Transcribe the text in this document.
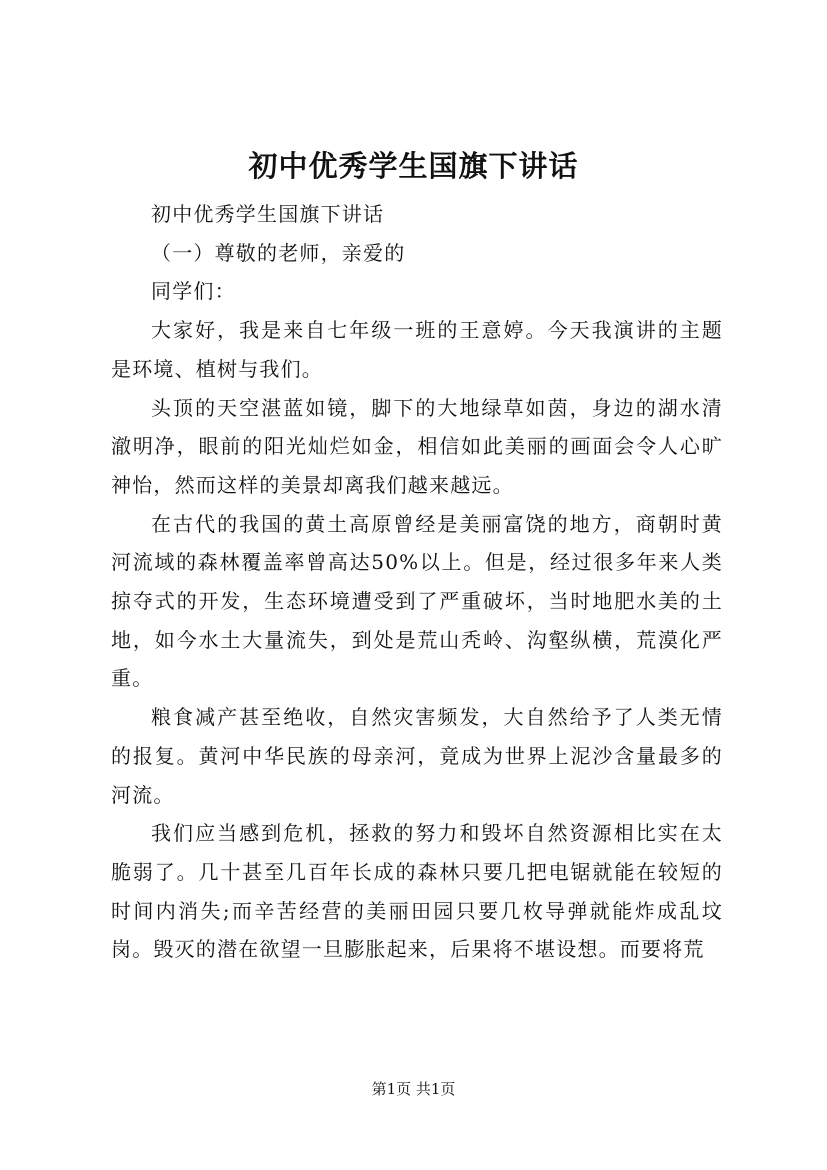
初中优秀学生国旗下讲话

初中优秀学生国旗下讲话

（一）尊敬的老师，亲爱的

同学们：

大家好，我是来自七年级一班的王意婷。今天我演讲的主题是环境、植树与我们。

头顶的天空湛蓝如镜，脚下的大地绿草如茵，身边的湖水清澈明净，眼前的阳光灿烂如金，相信如此美丽的画面会令人心旷神怡，然而这样的美景却离我们越来越远。

在古代的我国的黄土高原曾经是美丽富饶的地方，商朝时黄河流域的森林覆盖率曾高达50%以上。但是，经过很多年来人类掠夺式的开发，生态环境遭受到了严重破坏，当时地肥水美的土地，如今水土大量流失，到处是荒山秃岭、沟壑纵横，荒漠化严重。

粮食减产甚至绝收，自然灾害频发，大自然给予了人类无情的报复。黄河中华民族的母亲河，竟成为世界上泥沙含量最多的河流。

我们应当感到危机，拯救的努力和毁坏自然资源相比实在太脆弱了。几十甚至几百年长成的森林只要几把电锯就能在较短的时间内消失;而辛苦经营的美丽田园只要几枚导弹就能炸成乱坟岗。毁灭的潜在欲望一旦膨胀起来，后果将不堪设想。而要将荒

第1页 共1页
